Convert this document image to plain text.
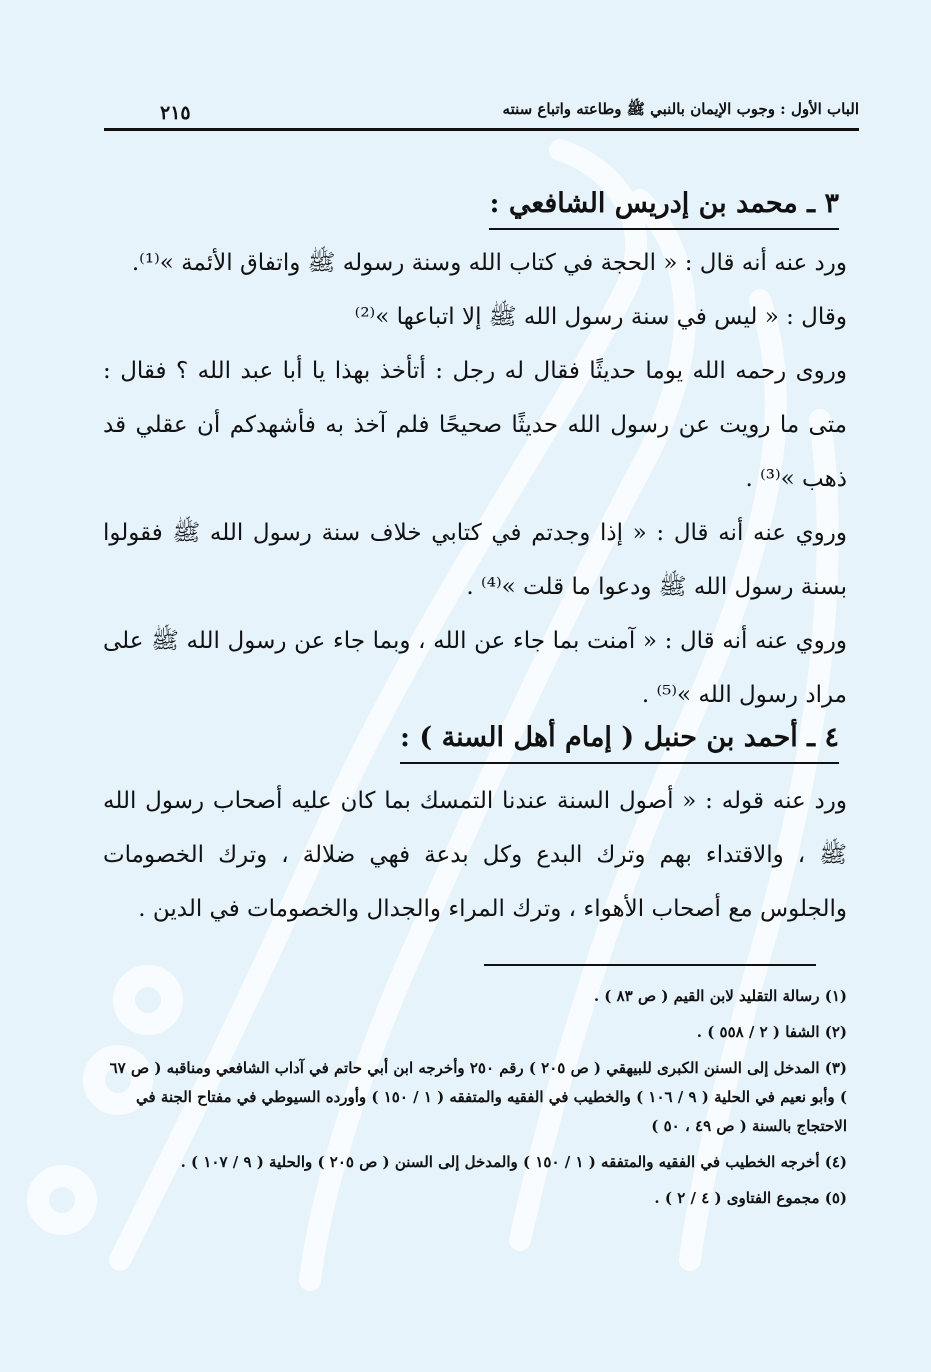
الباب الأول : وجوب الإيمان بالنبي ﷺ وطاعته واتباع سنته
٢١٥
٣ ـ محمد بن إدريس الشافعي :

ورد عنه أنه قال : « الحجة في كتاب الله وسنة رسوله ﷺ واتفاق الأئمة »⁽¹⁾.

وقال : « ليس في سنة رسول الله ﷺ إلا اتباعها »⁽²⁾

وروى رحمه الله يوما حديثًا فقال له رجل : أتأخذ بهذا يا أبا عبد الله ؟ فقال : متى ما رويت عن رسول الله حديثًا صحيحًا فلم آخذ به فأشهدكم أن عقلي قد ذهب »⁽³⁾ .

وروي عنه أنه قال : « إذا وجدتم في كتابي خلاف سنة رسول الله ﷺ فقولوا بسنة رسول الله ﷺ ودعوا ما قلت »⁽⁴⁾ .

وروي عنه أنه قال : « آمنت بما جاء عن الله ، وبما جاء عن رسول الله ﷺ على مراد رسول الله »⁽⁵⁾ .

٤ ـ أحمد بن حنبل ( إمام أهل السنة ) :

ورد عنه قوله : « أصول السنة عندنا التمسك بما كان عليه أصحاب رسول الله ﷺ ، والاقتداء بهم وترك البدع وكل بدعة فهي ضلالة ، وترك الخصومات والجلوس مع أصحاب الأهواء ، وترك المراء والجدال والخصومات في الدين .

(١) رسالة التقليد لابن القيم ( ص ٨٣ ) .

(٢) الشفا ( ٢ / ٥٥٨ ) .

(٣) المدخل إلى السنن الكبرى للبيهقي ( ص ٢٠٥ ) رقم ٢٥٠ وأخرجه ابن أبي حاتم في آداب الشافعي ومناقبه ( ص ٦٧ ) وأبو نعيم في الحلية ( ٩ / ١٠٦ ) والخطيب في الفقيه والمتفقه ( ١ / ١٥٠ ) وأورده السيوطي في مفتاح الجنة في الاحتجاج بالسنة ( ص ٤٩ ، ٥٠ )

(٤) أخرجه الخطيب في الفقيه والمتفقه ( ١ / ١٥٠ ) والمدخل إلى السنن ( ص ٢٠٥ ) والحلية ( ٩ / ١٠٧ ) .

(٥) مجموع الفتاوى ( ٤ / ٢ ) .
